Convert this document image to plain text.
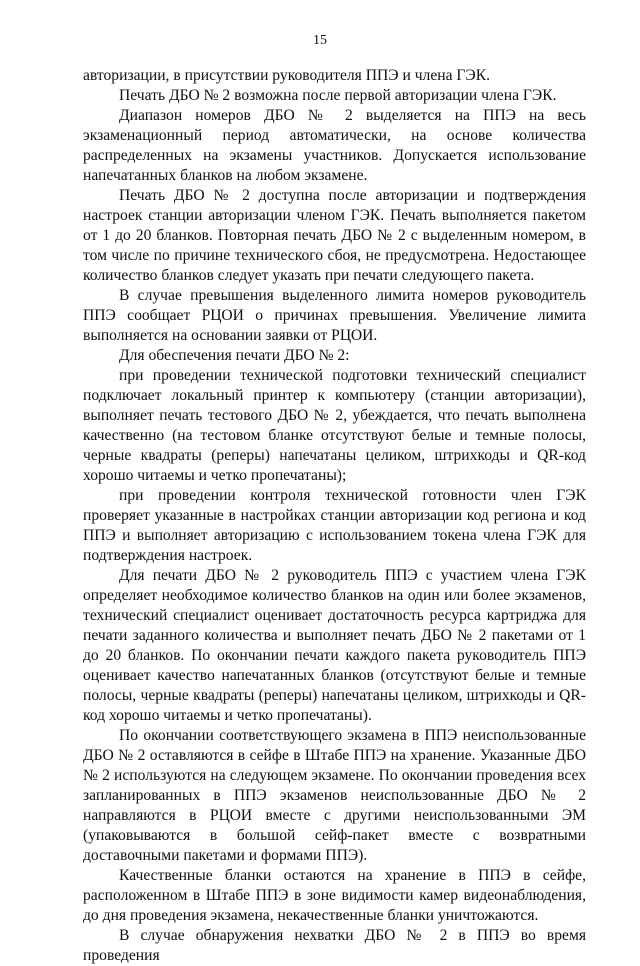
15

авторизации, в присутствии руководителя ППЭ и члена ГЭК.

Печать ДБО № 2 возможна после первой авторизации члена ГЭК.

Диапазон номеров ДБО № 2 выделяется на ППЭ на весь экзаменационный период автоматически, на основе количества распределенных на экзамены участников. Допускается использование напечатанных бланков на любом экзамене.

Печать ДБО № 2 доступна после авторизации и подтверждения настроек станции авторизации членом ГЭК. Печать выполняется пакетом от 1 до 20 бланков. Повторная печать ДБО № 2 с выделенным номером, в том числе по причине технического сбоя, не предусмотрена. Недостающее количество бланков следует указать при печати следующего пакета.

В случае превышения выделенного лимита номеров руководитель ППЭ сообщает РЦОИ о причинах превышения. Увеличение лимита выполняется на основании заявки от РЦОИ.

Для обеспечения печати ДБО № 2:

при проведении технической подготовки технический специалист подключает локальный принтер к компьютеру (станции авторизации), выполняет печать тестового ДБО № 2, убеждается, что печать выполнена качественно (на тестовом бланке отсутствуют белые и темные полосы, черные квадраты (реперы) напечатаны целиком, штрихкоды и QR-код хорошо читаемы и четко пропечатаны);

при проведении контроля технической готовности член ГЭК проверяет указанные в настройках станции авторизации код региона и код ППЭ и выполняет авторизацию с использованием токена члена ГЭК для подтверждения настроек.

Для печати ДБО № 2 руководитель ППЭ с участием члена ГЭК определяет необходимое количество бланков на один или более экзаменов, технический специалист оценивает достаточность ресурса картриджа для печати заданного количества и выполняет печать ДБО № 2 пакетами от 1 до 20 бланков. По окончании печати каждого пакета руководитель ППЭ оценивает качество напечатанных бланков (отсутствуют белые и темные полосы, черные квадраты (реперы) напечатаны целиком, штрихкоды и QR-код хорошо читаемы и четко пропечатаны).

По окончании соответствующего экзамена в ППЭ неиспользованные ДБО № 2 оставляются в сейфе в Штабе ППЭ на хранение. Указанные ДБО № 2 используются на следующем экзамене. По окончании проведения всех запланированных в ППЭ экзаменов неиспользованные ДБО № 2 направляются в РЦОИ вместе с другими неиспользованными ЭМ (упаковываются в большой сейф-пакет вместе с возвратными доставочными пакетами и формами ППЭ).

Качественные бланки остаются на хранение в ППЭ в сейфе, расположенном в Штабе ППЭ в зоне видимости камер видеонаблюдения, до дня проведения экзамена, некачественные бланки уничтожаются.

В случае обнаружения нехватки ДБО № 2 в ППЭ во время проведения
